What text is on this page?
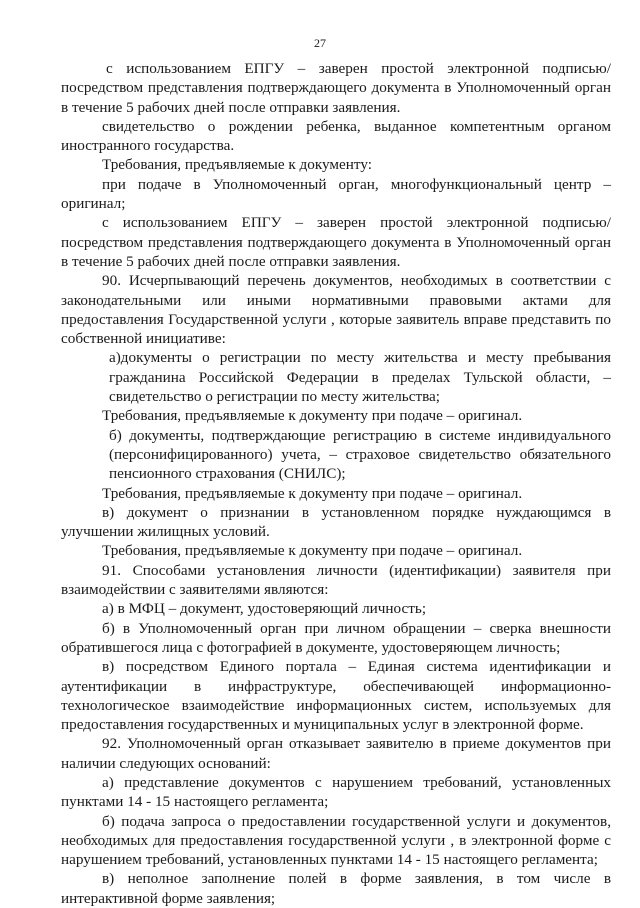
27

с использованием ЕПГУ – заверен простой электронной подписью/ посредством представления подтверждающего документа в Уполномоченный орган в течение 5 рабочих дней после отправки заявления.

свидетельство о рождении ребенка, выданное компетентным органом иностранного государства.

Требования, предъявляемые к документу:

при подаче в Уполномоченный орган, многофункциональный центр –оригинал;

с использованием ЕПГУ – заверен простой электронной подписью/ посредством представления подтверждающего документа в Уполномоченный орган в течение 5 рабочих дней после отправки заявления.

90. Исчерпывающий перечень документов, необходимых в соответствии с законодательными или иными нормативными правовыми актами для предоставления Государственной услуги , которые заявитель вправе представить по собственной инициативе:

а)документы о регистрации по месту жительства и месту пребывания гражданина Российской Федерации в пределах Тульской области, – свидетельство о регистрации по месту жительства;

Требования, предъявляемые к документу при подаче – оригинал.

б) документы, подтверждающие регистрацию в системе индивидуального (персонифицированного) учета, – страховое свидетельство обязательного пенсионного страхования (СНИЛС);

Требования, предъявляемые к документу при подаче – оригинал.

в) документ о признании в установленном порядке нуждающимся в улучшении жилищных условий.

Требования, предъявляемые к документу при подаче – оригинал.

91. Способами установления личности (идентификации) заявителя при взаимодействии с заявителями являются:

а) в МФЦ – документ, удостоверяющий личность;

б) в Уполномоченный орган при личном обращении – сверка внешности обратившегося лица с фотографией в документе, удостоверяющем личность;

в) посредством Единого портала – Единая система идентификации и аутентификации в инфраструктуре, обеспечивающей информационно-технологическое взаимодействие информационных систем, используемых для предоставления государственных и муниципальных услуг в электронной форме.

92. Уполномоченный орган отказывает заявителю в приеме документов при наличии следующих оснований:

а) представление документов с нарушением требований, установленных пунктами 14 - 15 настоящего регламента;

б) подача запроса о предоставлении государственной услуги и документов, необходимых для предоставления государственной услуги , в электронной форме с нарушением требований, установленных пунктами 14 - 15 настоящего регламента;

в) неполное заполнение полей в форме заявления, в том числе в интерактивной форме заявления;
